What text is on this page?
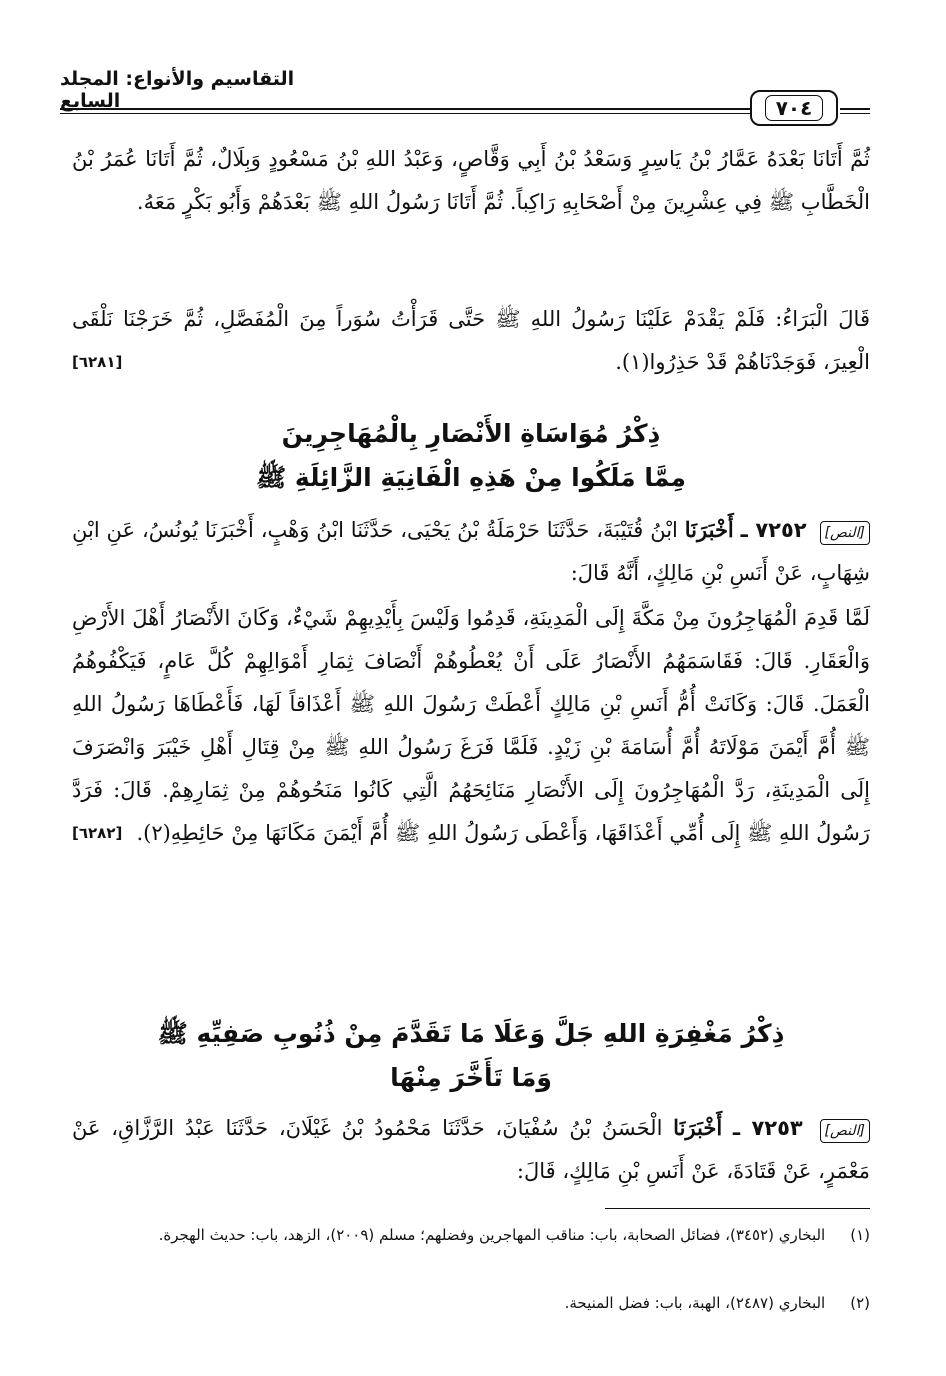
التقاسيم والأنواع: المجلد السابع	٧٠٤
ثُمَّ أَتَانَا بَعْدَهُ عَمَّارُ بْنُ يَاسِرٍ وَسَعْدُ بْنُ أَبِي وَقَّاصٍ، وَعَبْدُ اللهِ بْنُ مَسْعُودٍ وَبِلَالٌ، ثُمَّ أَتَانَا عُمَرُ بْنُ الْخَطَّابِ ﷺ فِي عِشْرِينَ مِنْ أَصْحَابِهِ رَاكِباً. ثُمَّ أَتَانَا رَسُولُ اللهِ ﷺ بَعْدَهُمْ وَأَبُو بَكْرٍ مَعَهُ.
قَالَ الْبَرَاءُ: فَلَمْ يَقْدَمْ عَلَيْنَا رَسُولُ اللهِ ﷺ حَتَّى قَرَأْتُ سُوَراً مِنَ الْمُفَصَّلِ، ثُمَّ خَرَجْنَا نَلْقَى الْعِيرَ، فَوَجَدْنَاهُمْ قَدْ حَذِرُوا(١).
[٦٢٨١]
ذِكْرُ مُوَاسَاةِ الأَنْصَارِ بِالْمُهَاجِرِينَ
مِمَّا مَلَكُوا مِنْ هَذِهِ الْفَانِيَةِ الزَّائِلَةِ ﷺ
[النص] ٧٢٥٢ ـ أَخْبَرَنَا ابْنُ قُتَيْبَةَ، حَدَّثَنَا حَرْمَلَةُ بْنُ يَحْيَى، حَدَّثَنَا ابْنُ وَهْبٍ، أَخْبَرَنَا يُونُسُ، عَنِ ابْنِ شِهَابٍ، عَنْ أَنَسِ بْنِ مَالِكٍ، أَنَّهُ قَالَ:
لَمَّا قَدِمَ الْمُهَاجِرُونَ مِنْ مَكَّةَ إِلَى الْمَدِينَةِ، قَدِمُوا وَلَيْسَ بِأَيْدِيهِمْ شَيْءٌ، وَكَانَ الأَنْصَارُ أَهْلَ الأَرْضِ وَالْعَقَارِ. قَالَ: فَقَاسَمَهُمُ الأَنْصَارُ عَلَى أَنْ يُعْطُوهُمْ أَنْصَافَ ثِمَارِ أَمْوَالِهِمْ كُلَّ عَامٍ، فَيَكْفُوهُمُ الْعَمَلَ. قَالَ: وَكَانَتْ أُمُّ أَنَسِ بْنِ مَالِكٍ أَعْطَتْ رَسُولَ اللهِ ﷺ أَعْذَاقاً لَهَا، فَأَعْطَاهَا رَسُولُ اللهِ ﷺ أُمَّ أَيْمَنَ مَوْلَاتَهُ أُمَّ أُسَامَةَ بْنِ زَيْدٍ. فَلَمَّا فَرَغَ رَسُولُ اللهِ ﷺ مِنْ قِتَالِ أَهْلِ خَيْبَرَ وَانْصَرَفَ إِلَى الْمَدِينَةِ، رَدَّ الْمُهَاجِرُونَ إِلَى الأَنْصَارِ مَنَائِحَهُمُ الَّتِي كَانُوا مَنَحُوهُمْ مِنْ ثِمَارِهِمْ. قَالَ: فَرَدَّ رَسُولُ اللهِ ﷺ إِلَى أُمِّي أَعْذَاقَهَا، وَأَعْطَى رَسُولُ اللهِ ﷺ أُمَّ أَيْمَنَ مَكَانَهَا مِنْ حَائِطِهِ(٢).
[٦٢٨٢]
ذِكْرُ مَغْفِرَةِ اللهِ جَلَّ وَعَلَا مَا تَقَدَّمَ مِنْ ذُنُوبِ صَفِيِّهِ ﷺ
وَمَا تَأَخَّرَ مِنْهَا
[النص] ٧٢٥٣ ـ أَخْبَرَنَا الْحَسَنُ بْنُ سُفْيَانَ، حَدَّثَنَا مَحْمُودُ بْنُ غَيْلَانَ، حَدَّثَنَا عَبْدُ الرَّزَّاقِ، عَنْ مَعْمَرٍ، عَنْ قَتَادَةَ، عَنْ أَنَسِ بْنِ مَالِكٍ، قَالَ:
(١) البخاري (٣٤٥٢)، فضائل الصحابة، باب: مناقب المهاجرين وفضلهم؛ مسلم (٢٠٠٩)، الزهد، باب: حديث الهجرة.
(٢) البخاري (٢٤٨٧)، الهبة، باب: فضل المنيحة.
